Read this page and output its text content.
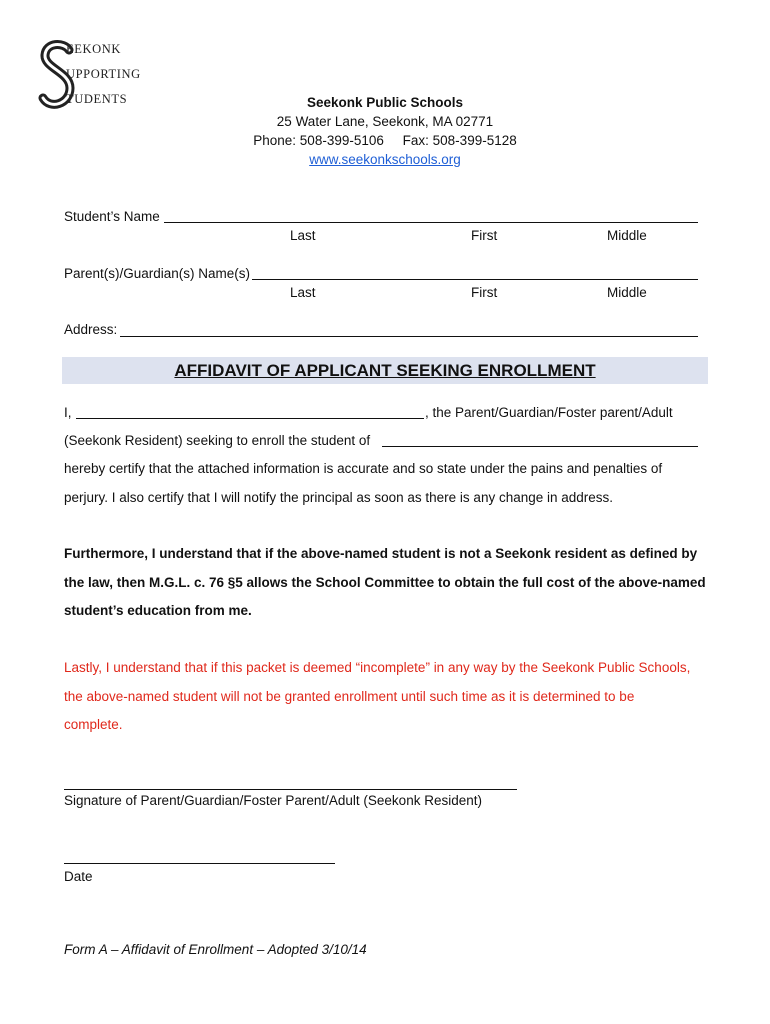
EEKONK
UPPORTING
TUDENTS	Seekonk Public Schools
25 Water Lane, Seekonk, MA 02771
Phone: 508-399-5106 Fax: 508-399-5128
www.seekonkschools.org
Student’s Name
Last	First	Middle
Parent(s)/Guardian(s) Name(s)
Last	First	Middle
Address:
AFFIDAVIT OF APPLICANT SEEKING ENROLLMENT
I,	, the Parent/Guardian/Foster parent/Adult
(Seekonk Resident) seeking to enroll the student of
hereby certify that the attached information is accurate and so state under the pains and penalties of
perjury. I also certify that I will notify the principal as soon as there is any change in address.
Furthermore, I understand that if the above-named student is not a Seekonk resident as defined by
the law, then M.G.L. c. 76 §5 allows the School Committee to obtain the full cost of the above-named
student’s education from me.
Lastly, I understand that if this packet is deemed “incomplete” in any way by the Seekonk Public Schools,
the above-named student will not be granted enrollment until such time as it is determined to be
complete.
Signature of Parent/Guardian/Foster Parent/Adult (Seekonk Resident)
Date
Form A – Affidavit of Enrollment – Adopted 3/10/14
